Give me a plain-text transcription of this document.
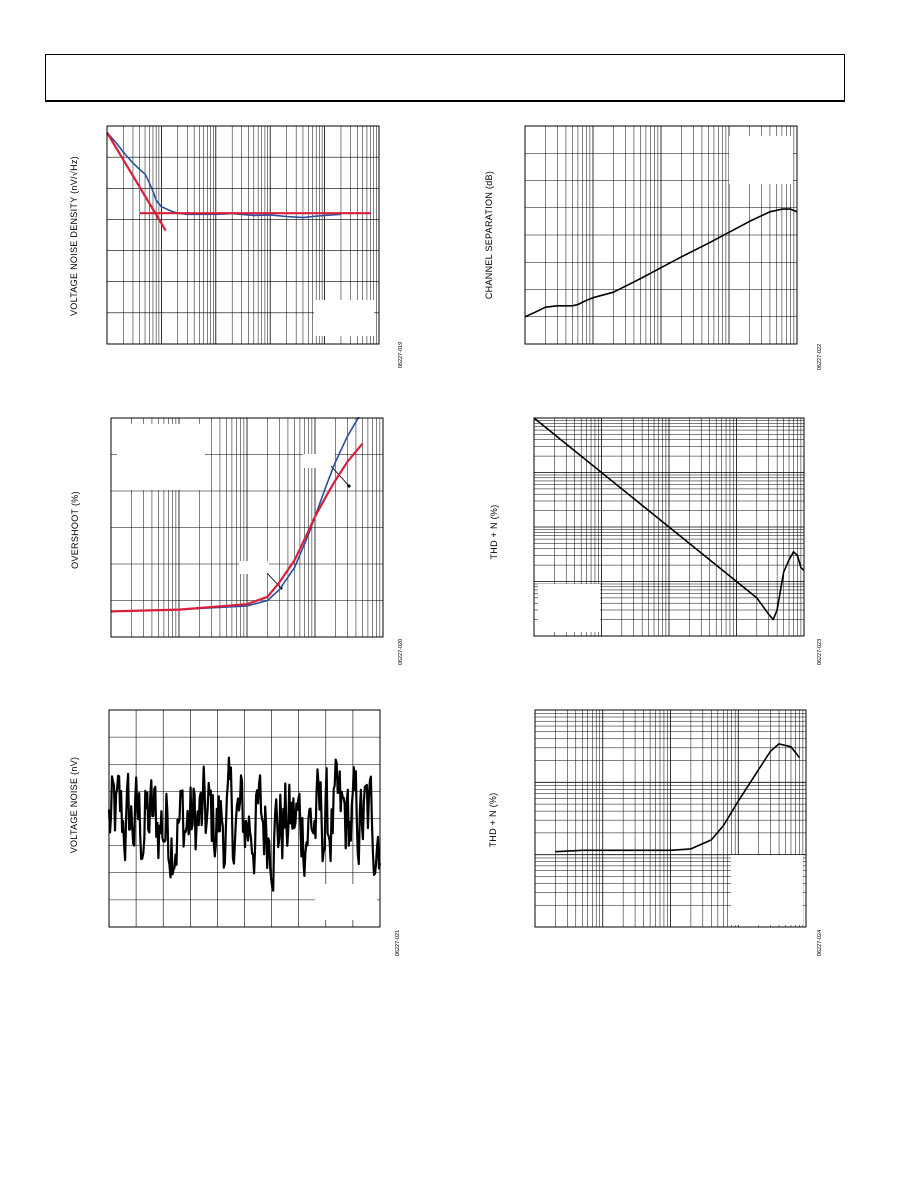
VOLTAGE NOISE DENSITY (nV/√Hz)
OVERSHOOT (%)
VOLTAGE NOISE (nV)
CHANNEL SEPARATION (dB)
THD + N (%)
THD + N (%)
06227-019
06227-020
06227-021
06227-022
06227-023
06227-024
